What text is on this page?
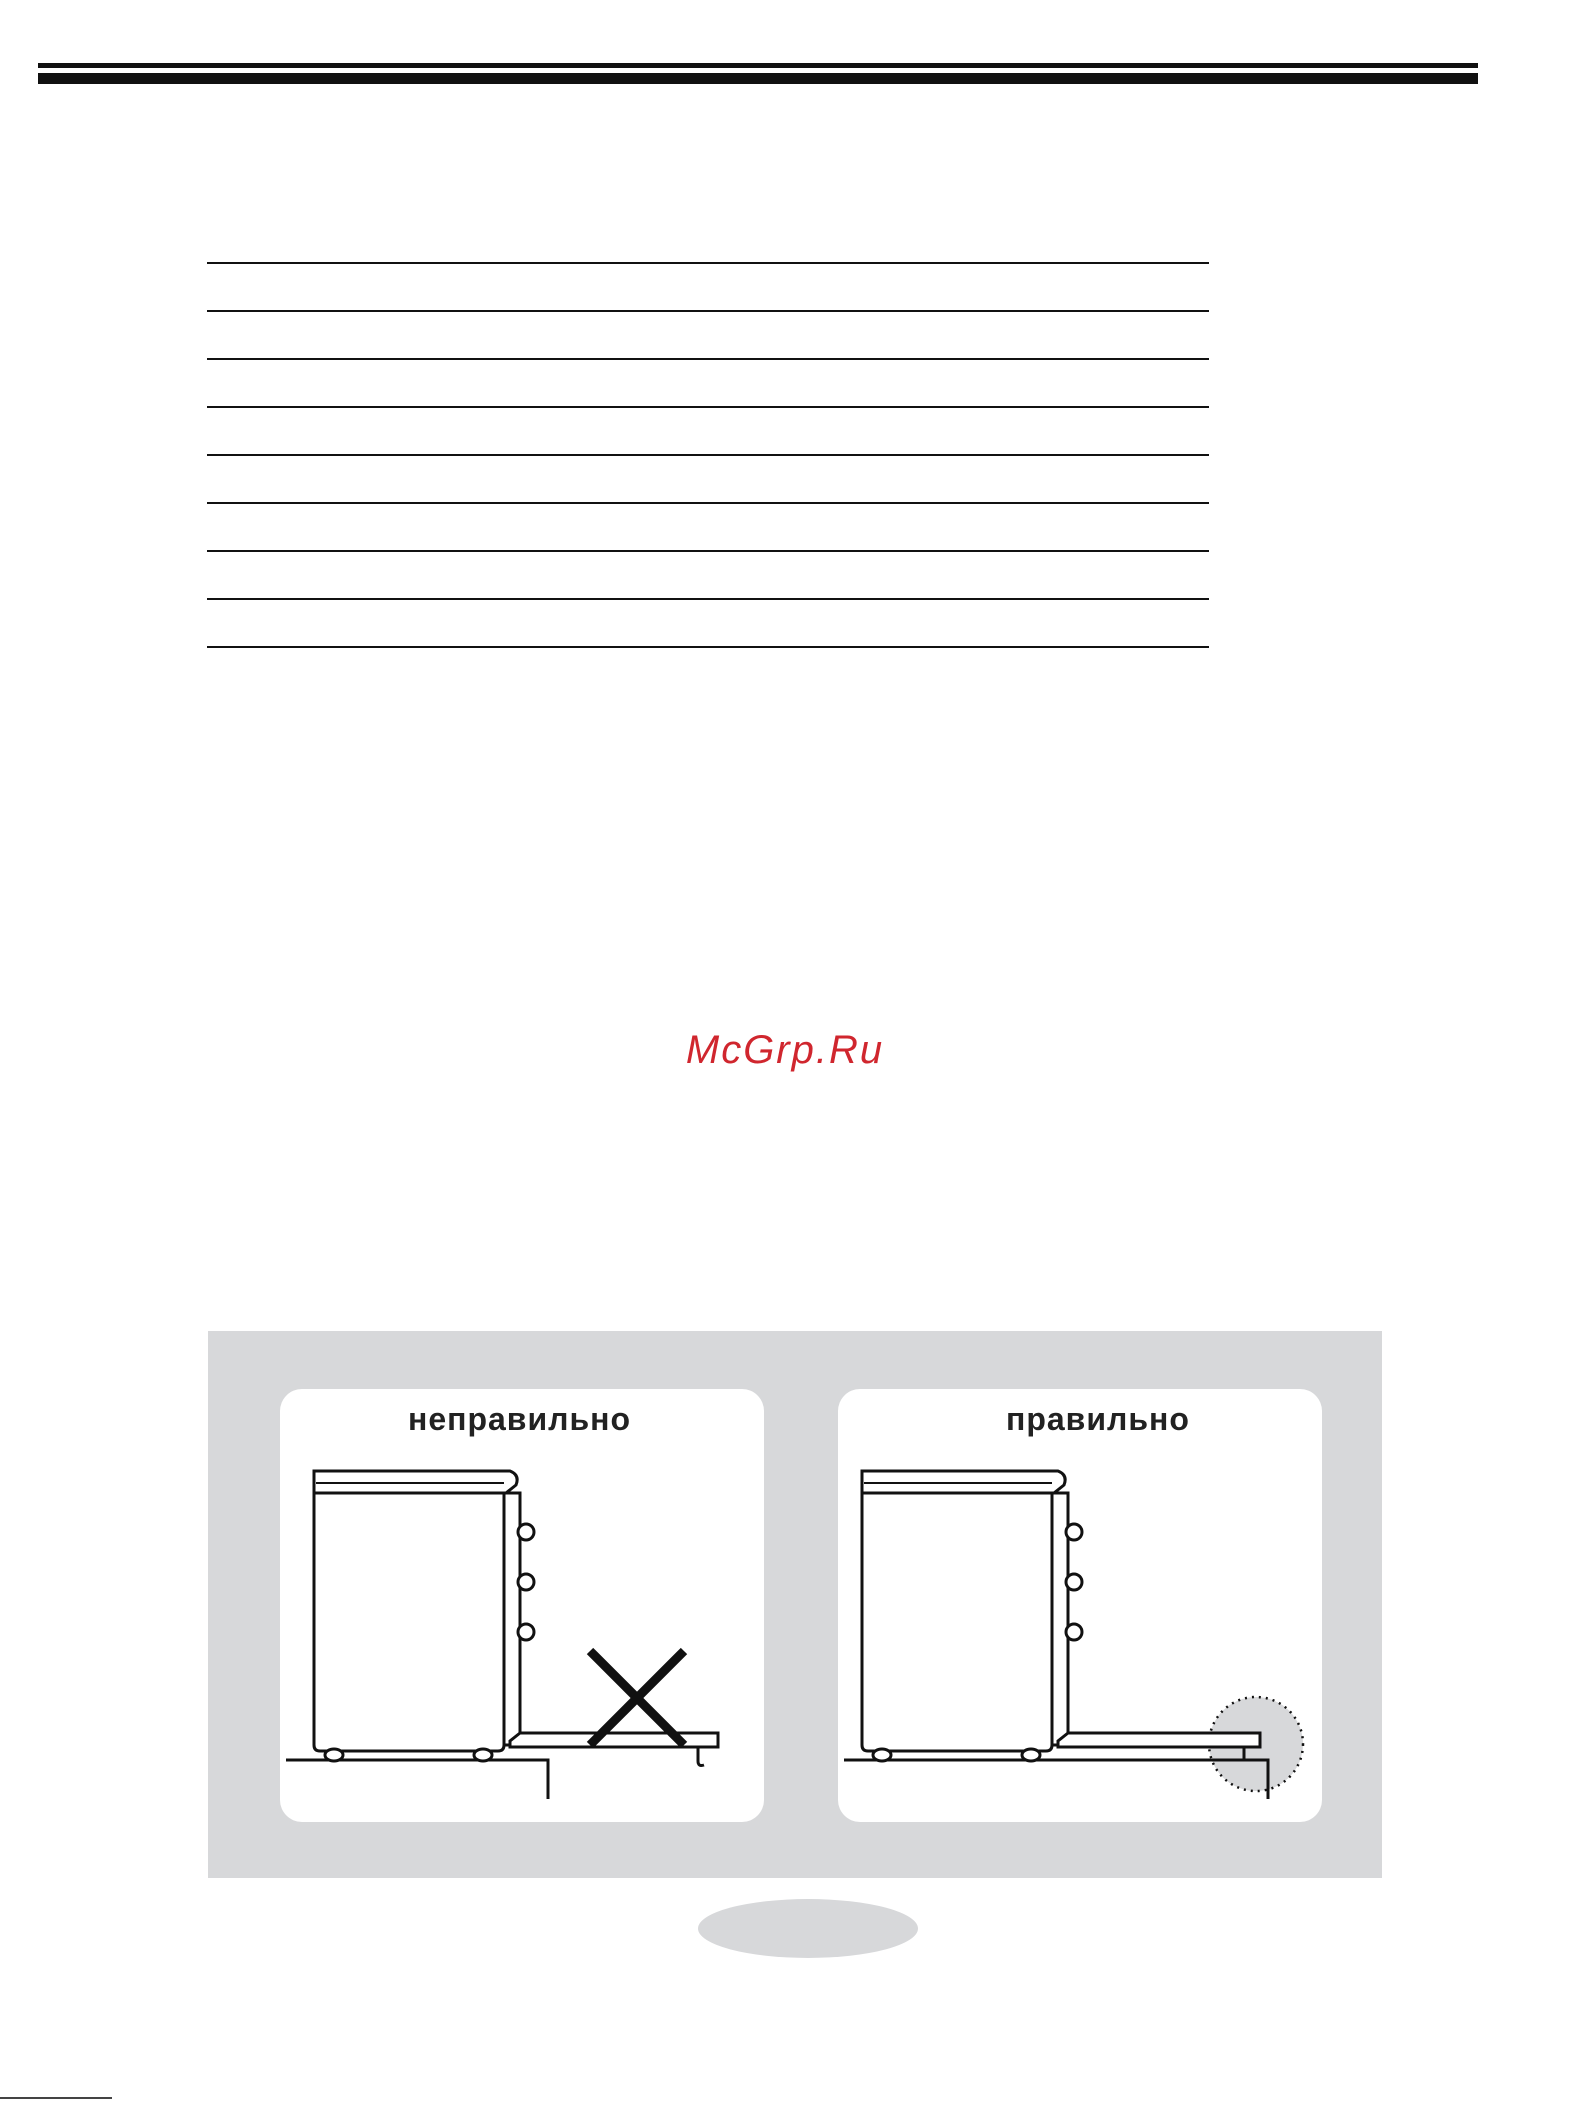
McGrp.Ru
неправильно	правильно
